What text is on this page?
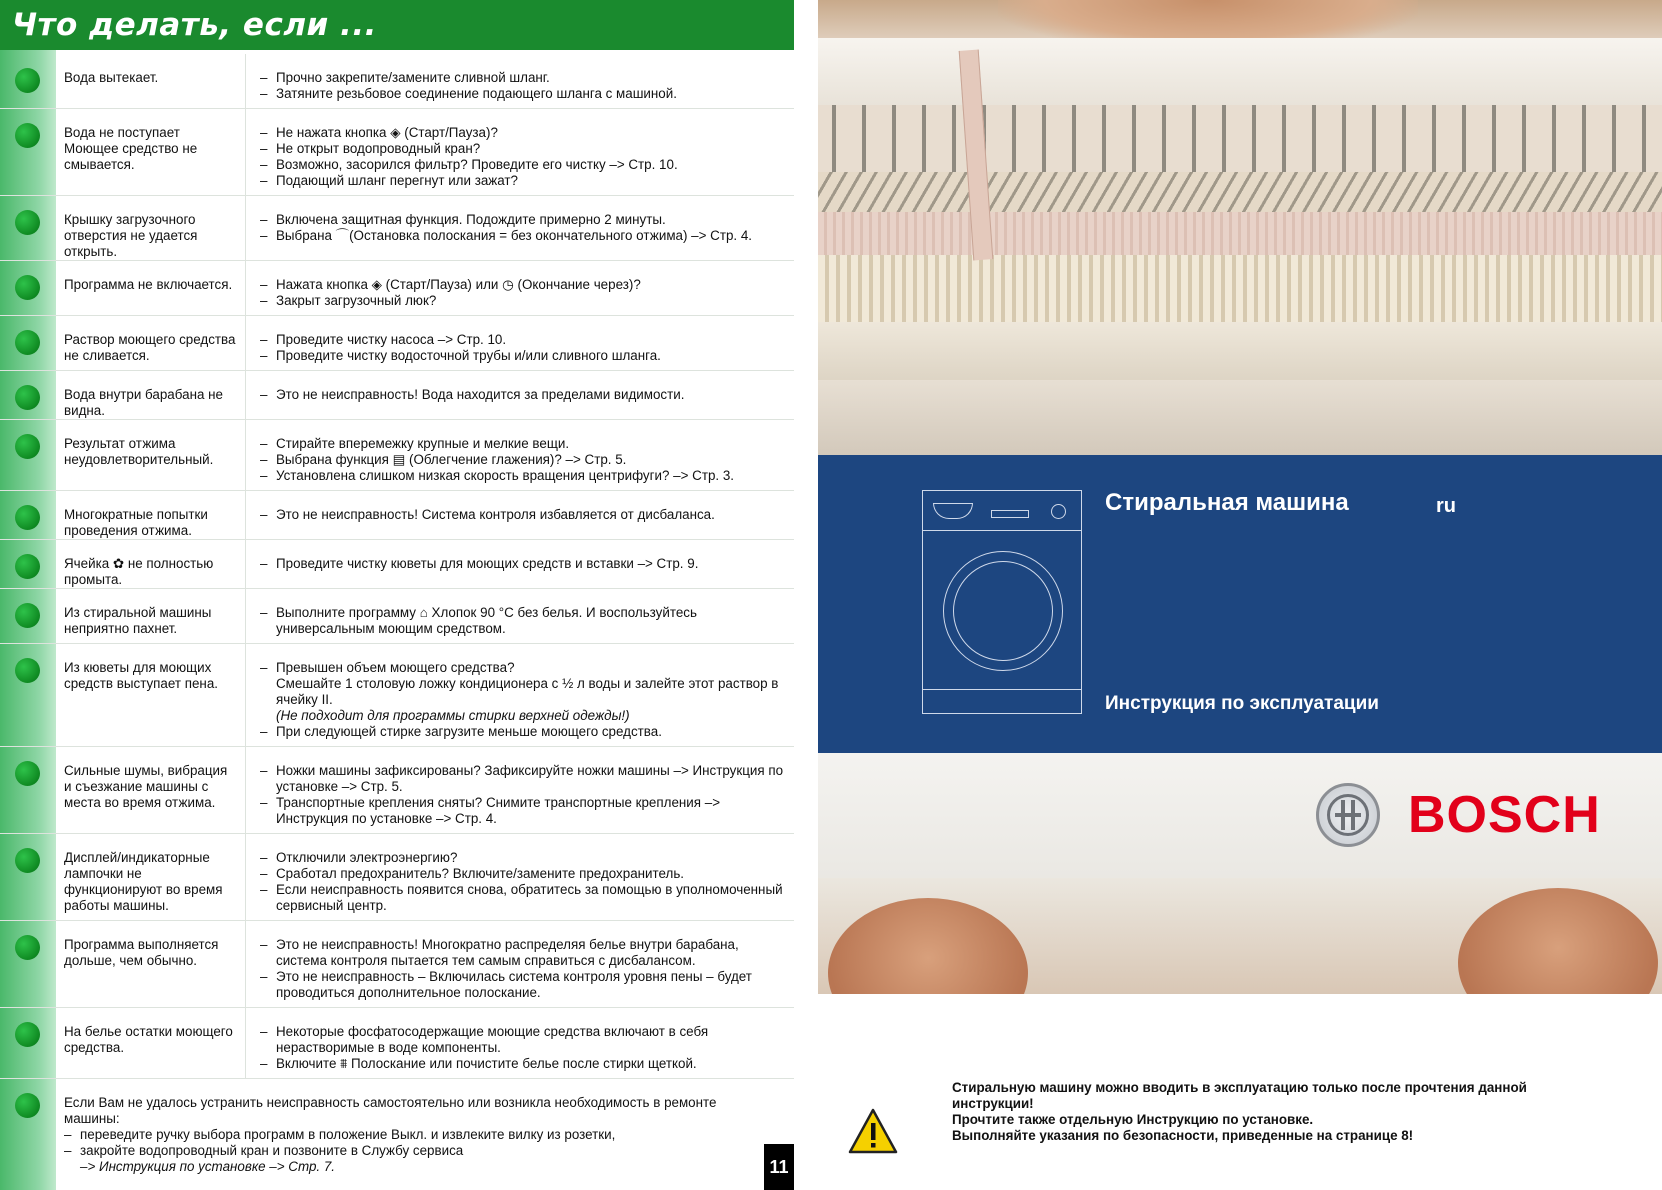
Что делать, если ...
Вода вытекает.	– Прочно закрепите/замените сливной шланг.
– Затяните резьбовое соединение подающего шланга с машиной.
Вода не поступает Моющее средство не смывается.
– Не нажата кнопка ◈ (Старт/Пауза)?
– Не открыт водопроводный кран?
– Возможно, засорился фильтр? Проведите его чистку –> Стр. 10.
– Подающий шланг перегнут или зажат?
Крышку загрузочного отверстия не удается открыть.
– Включена защитная функция. Подождите примерно 2 минуты.
– Выбрана ⌒(Остановка полоскания = без окончательного отжима) –> Стр. 4.
Программа не включается.	– Нажата кнопка ◈ (Старт/Пауза) или ◷ (Окончание через)?
– Закрыт загрузочный люк?
Раствор моющего средства не сливается.
– Проведите чистку насоса –> Стр. 10.
– Проведите чистку водосточной трубы и/или сливного шланга.
Вода внутри барабана не видна.
– Это не неисправность! Вода находится за пределами видимости.
Результат отжима неудовлетворительный.
– Стирайте вперемежку крупные и мелкие вещи.
– Выбрана функция ▤ (Облегчение глажения)? –> Стр. 5.
– Установлена слишком низкая скорость вращения центрифуги? –> Стр. 3.
Многократные попытки проведения отжима.
– Это не неисправность! Система контроля избавляется от дисбаланса.
Ячейка ✿ не полностью промыта.
– Проведите чистку кюветы для моющих средств и вставки –> Стр. 9.
Из стиральной машины неприятно пахнет.
– Выполните программу ⌂ Хлопок 90 °C без белья. И воспользуйтесь универсальным моющим средством.
Из кюветы для моющих средств выступает пена.
– Превышен объем моющего средства?
Смешайте 1 столовую ложку кондиционера с ½ л воды и залейте этот раствор в ячейку II.
(Не подходит для программы стирки верхней одежды!)
– При следующей стирке загрузите меньше моющего средства.
Сильные шумы, вибрация и съезжание машины с места во время отжима.
– Ножки машины зафиксированы? Зафиксируйте ножки машины –> Инструкция по установке –> Стр. 5.
– Транспортные крепления сняты? Снимите транспортные крепления –> Инструкция по установке –> Стр. 4.
Дисплей/индикаторные лампочки не функционируют во время работы машины.
– Отключили электроэнергию?
– Сработал предохранитель? Включите/замените предохранитель.
– Если неисправность появится снова, обратитесь за помощью в уполномоченный сервисный центр.
Программа выполняется дольше, чем обычно.
– Это не неисправность! Многократно распределяя белье внутри барабана, система контроля пытается тем самым справиться с дисбалансом.
– Это не неисправность – Включилась система контроля уровня пены – будет проводиться дополнительное полоскание.
На белье остатки моющего средства.
– Некоторые фосфатосодержащие моющие средства включают в себя нерастворимые в воде компоненты.
– Включите ⩩ Полоскание или почистите белье после стирки щеткой.
Если Вам не удалось устранить неисправность самостоятельно или возникла необходимость в ремонте машины:
– переведите ручку выбора программ в положение Выкл. и извлеките вилку из розетки,
– закройте водопроводный кран и позвоните в Службу сервиса
–> Инструкция по установке –> Стр. 7.	11
Стиральная машина	ru
Инструкция по эксплуатации
BOSCH
Стиральную машину можно вводить в эксплуатацию только после прочтения данной инструкции!
Прочтите также отдельную Инструкцию по установке.
Выполняйте указания по безопасности, приведенные на странице 8!
